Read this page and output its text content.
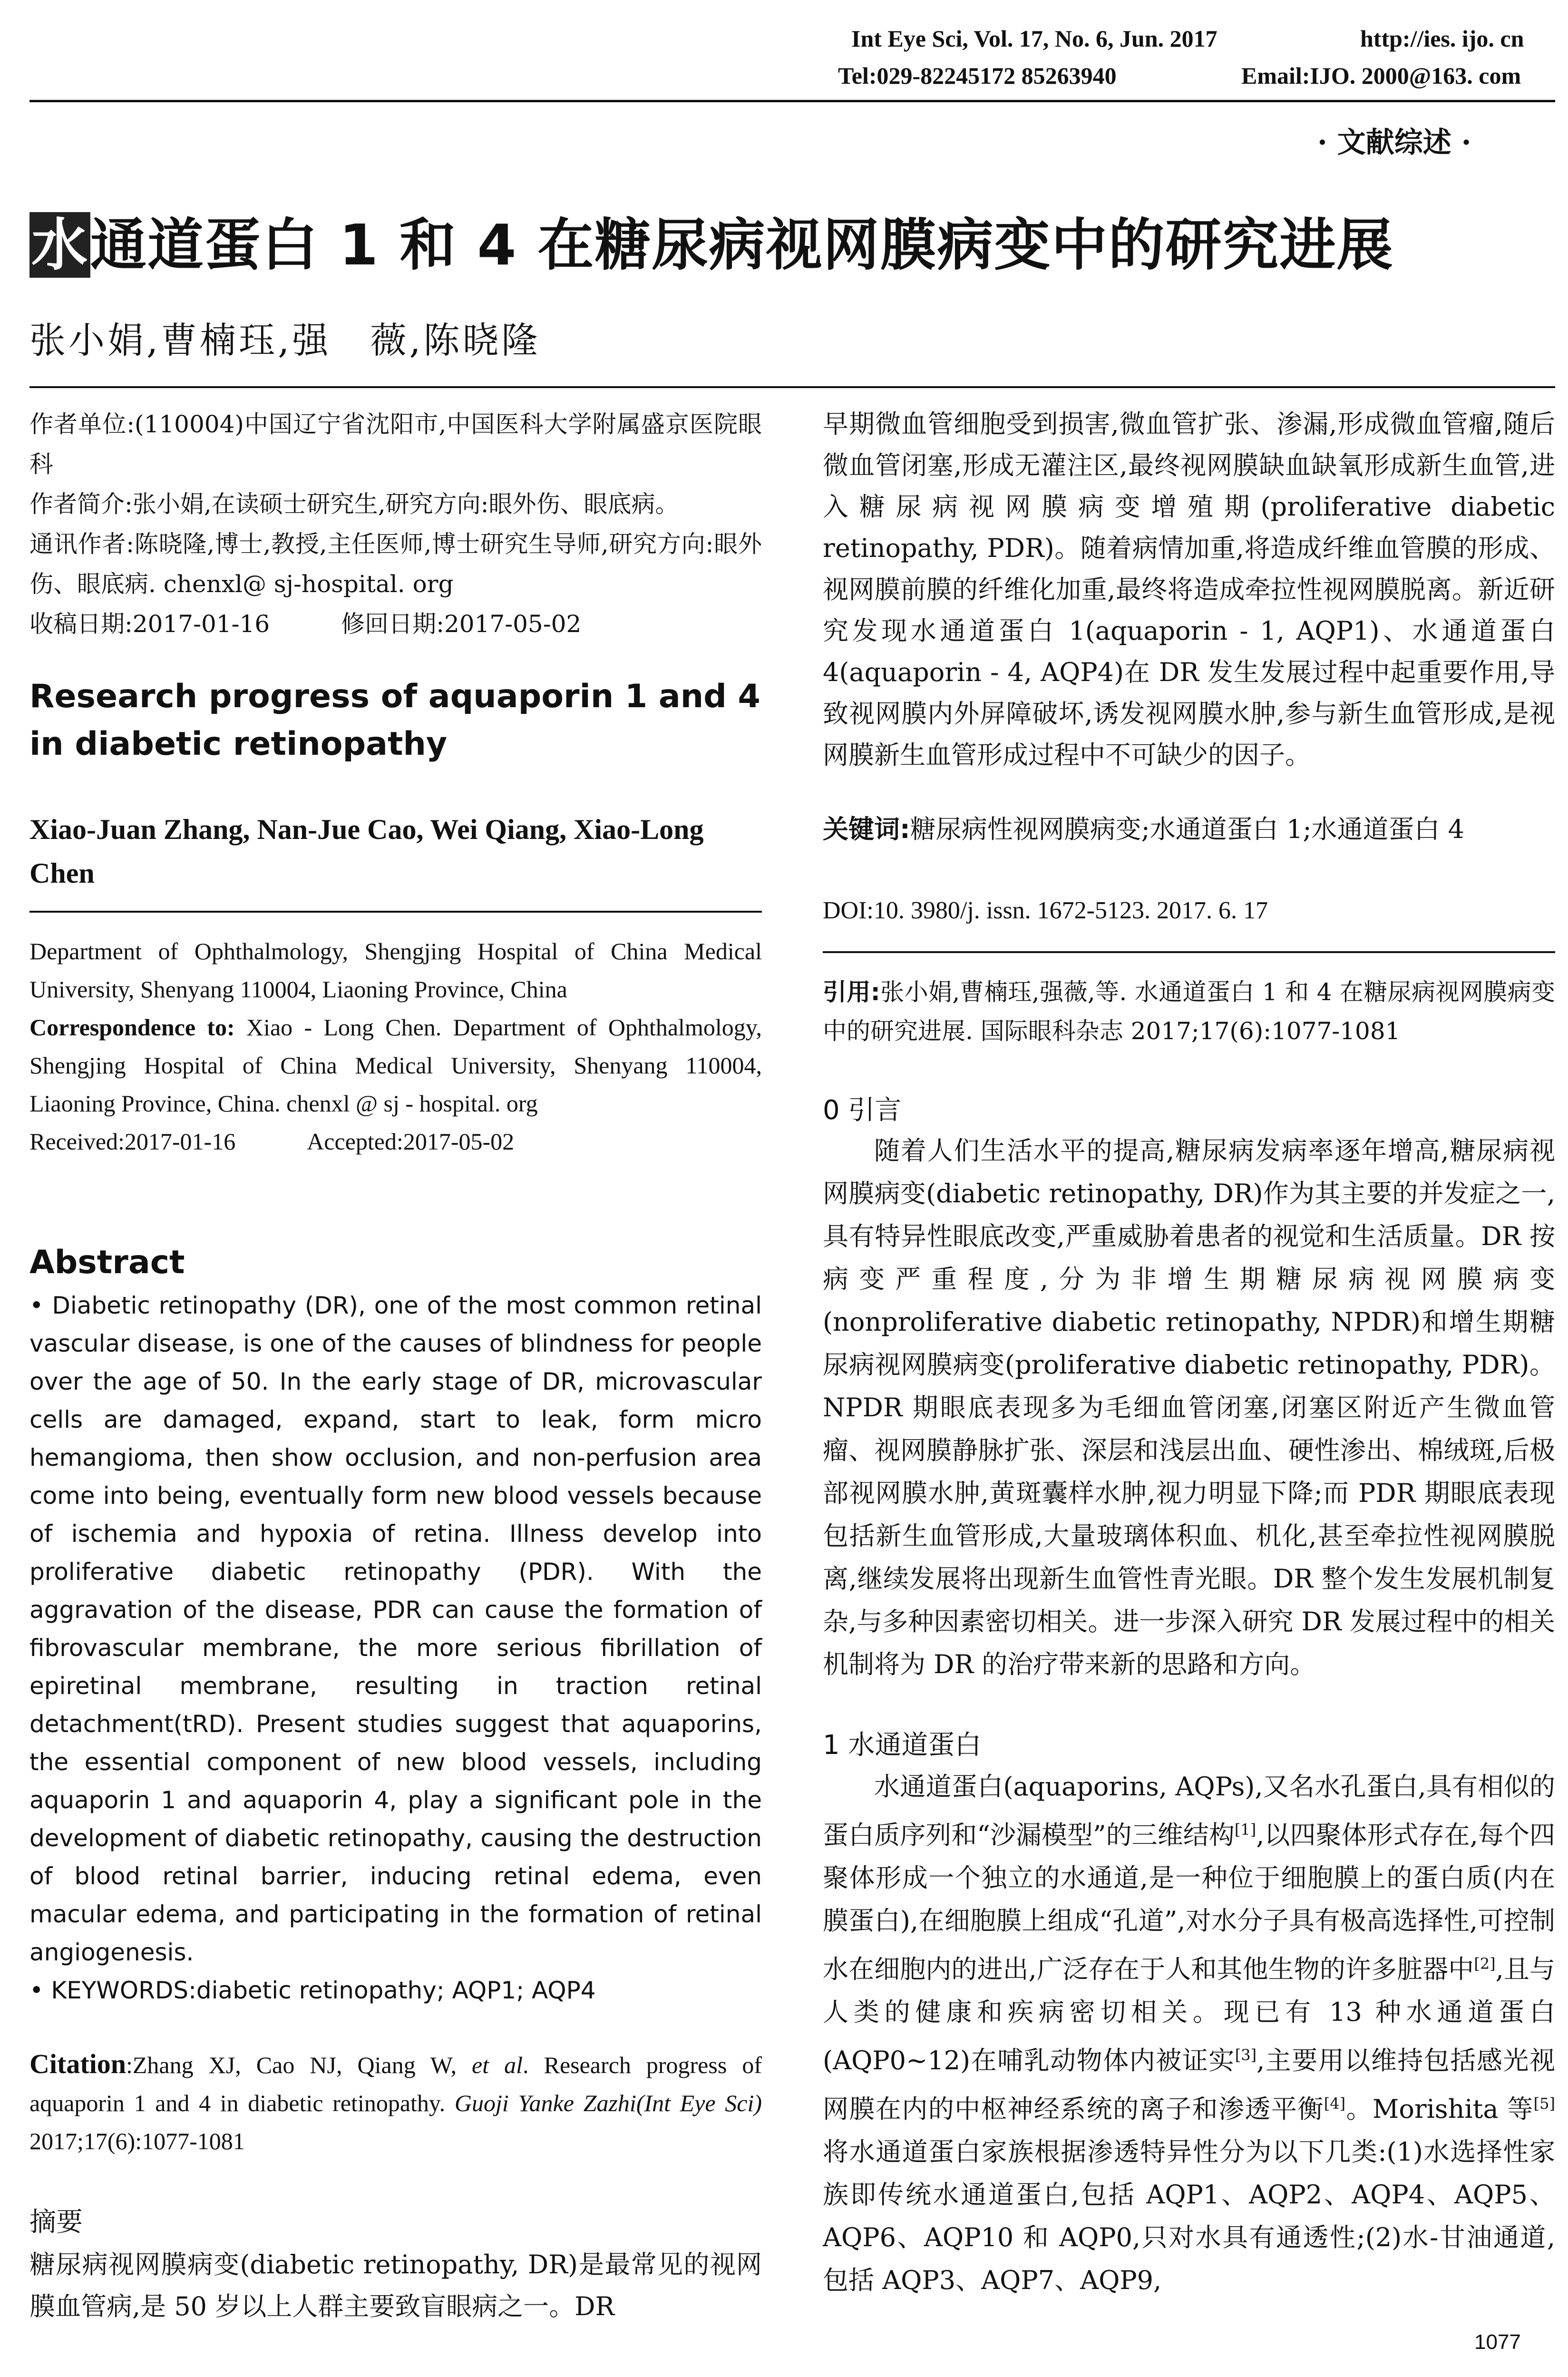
Int Eye Sci, Vol. 17, No. 6, Jun. 2017	http://ies. ijo. cn
Tel:029-82245172 85263940	Email:IJO. 2000@163. com
· 文献综述 ·
水通道蛋白 1 和 4 在糖尿病视网膜病变中的研究进展
张小娟,曹楠珏,强　薇,陈晓隆

作者单位:(110004)中国辽宁省沈阳市,中国医科大学附属盛京医院眼科

作者简介:张小娟,在读硕士研究生,研究方向:眼外伤、眼底病。

通讯作者:陈晓隆,博士,教授,主任医师,博士研究生导师,研究方向:眼外伤、眼底病. chenxl@ sj-hospital. org

收稿日期:2017-01-16　　　修回日期:2017-05-02

Research progress of aquaporin 1 and 4 in diabetic retinopathy
Xiao-Juan Zhang, Nan-Jue Cao, Wei Qiang, Xiao-Long Chen
Department of Ophthalmology, Shengjing Hospital of China Medical University, Shenyang 110004, Liaoning Province, China
Correspondence to: Xiao - Long Chen. Department of Ophthalmology, Shengjing Hospital of China Medical University, Shenyang 110004, Liaoning Province, China. chenxl @ sj - hospital. org
Received:2017-01-16　　　Accepted:2017-05-02
Abstract
• Diabetic retinopathy (DR), one of the most common retinal vascular disease, is one of the causes of blindness for people over the age of 50. In the early stage of DR, microvascular cells are damaged, expand, start to leak, form micro hemangioma, then show occlusion, and non-perfusion area come into being, eventually form new blood vessels because of ischemia and hypoxia of retina. Illness develop into proliferative diabetic retinopathy (PDR). With the aggravation of the disease, PDR can cause the formation of fibrovascular membrane, the more serious fibrillation of epiretinal membrane, resulting in traction retinal detachment(tRD). Present studies suggest that aquaporins, the essential component of new blood vessels, including aquaporin 1 and aquaporin 4, play a significant pole in the development of diabetic retinopathy, causing the destruction of blood retinal barrier, inducing retinal edema, even macular edema, and participating in the formation of retinal angiogenesis.
• KEYWORDS:diabetic retinopathy; AQP1; AQP4
Citation:Zhang XJ, Cao NJ, Qiang W, et al. Research progress of aquaporin 1 and 4 in diabetic retinopathy. Guoji Yanke Zazhi(Int Eye Sci) 2017;17(6):1077-1081
摘要
糖尿病视网膜病变(diabetic retinopathy, DR)是最常见的视网膜血管病,是 50 岁以上人群主要致盲眼病之一。DR
早期微血管细胞受到损害,微血管扩张、渗漏,形成微血管瘤,随后微血管闭塞,形成无灌注区,最终视网膜缺血缺氧形成新生血管,进入糖尿病视网膜病变增殖期(proliferative diabetic retinopathy, PDR)。随着病情加重,将造成纤维血管膜的形成、视网膜前膜的纤维化加重,最终将造成牵拉性视网膜脱离。新近研究发现水通道蛋白 1(aquaporin - 1, AQP1)、水通道蛋白 4(aquaporin - 4, AQP4)在 DR 发生发展过程中起重要作用,导致视网膜内外屏障破坏,诱发视网膜水肿,参与新生血管形成,是视网膜新生血管形成过程中不可缺少的因子。
关键词:糖尿病性视网膜病变;水通道蛋白 1;水通道蛋白 4
DOI:10. 3980/j. issn. 1672-5123. 2017. 6. 17
引用:张小娟,曹楠珏,强薇,等. 水通道蛋白 1 和 4 在糖尿病视网膜病变中的研究进展. 国际眼科杂志 2017;17(6):1077-1081
0 引言

随着人们生活水平的提高,糖尿病发病率逐年增高,糖尿病视网膜病变(diabetic retinopathy, DR)作为其主要的并发症之一,具有特异性眼底改变,严重威胁着患者的视觉和生活质量。DR 按病变严重程度,分为非增生期糖尿病视网膜病变(nonproliferative diabetic retinopathy, NPDR)和增生期糖尿病视网膜病变(proliferative diabetic retinopathy, PDR)。NPDR 期眼底表现多为毛细血管闭塞,闭塞区附近产生微血管瘤、视网膜静脉扩张、深层和浅层出血、硬性渗出、棉绒斑,后极部视网膜水肿,黄斑囊样水肿,视力明显下降;而 PDR 期眼底表现包括新生血管形成,大量玻璃体积血、机化,甚至牵拉性视网膜脱离,继续发展将出现新生血管性青光眼。DR 整个发生发展机制复杂,与多种因素密切相关。进一步深入研究 DR 发展过程中的相关机制将为 DR 的治疗带来新的思路和方向。

1 水通道蛋白

水通道蛋白(aquaporins, AQPs),又名水孔蛋白,具有相似的蛋白质序列和“沙漏模型”的三维结构[1],以四聚体形式存在,每个四聚体形成一个独立的水通道,是一种位于细胞膜上的蛋白质(内在膜蛋白),在细胞膜上组成“孔道”,对水分子具有极高选择性,可控制水在细胞内的进出,广泛存在于人和其他生物的许多脏器中[2],且与人类的健康和疾病密切相关。现已有 13 种水通道蛋白(AQP0~12)在哺乳动物体内被证实[3],主要用以维持包括感光视网膜在内的中枢神经系统的离子和渗透平衡[4]。Morishita 等[5]将水通道蛋白家族根据渗透特异性分为以下几类:(1)水选择性家族即传统水通道蛋白,包括 AQP1、AQP2、AQP4、AQP5、AQP6、AQP10 和 AQP0,只对水具有通透性;(2)水-甘油通道,包括 AQP3、AQP7、AQP9,

1077
